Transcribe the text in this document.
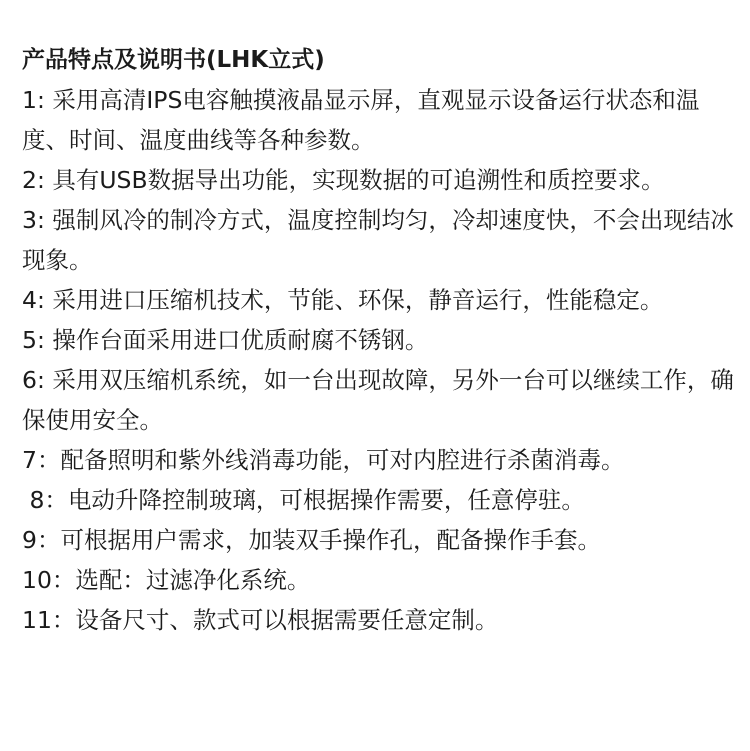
产品特点及说明书(LHK立式)

1: 采用高清IPS电容触摸液晶显示屏，直观显示设备运行状态和温度、时间、温度曲线等各种参数。

2: 具有USB数据导出功能，实现数据的可追溯性和质控要求。

3: 强制风冷的制冷方式，温度控制均匀，冷却速度快，不会出现结冰现象。

4: 采用进口压缩机技术，节能、环保，静音运行，性能稳定。

5: 操作台面采用进口优质耐腐不锈钢。

6: 采用双压缩机系统，如一台出现故障，另外一台可以继续工作，确保使用安全。

7：配备照明和紫外线消毒功能，可对内腔进行杀菌消毒。

8：电动升降控制玻璃，可根据操作需要，任意停驻。

9：可根据用户需求，加装双手操作孔，配备操作手套。

10：选配：过滤净化系统。

11：设备尺寸、款式可以根据需要任意定制。
